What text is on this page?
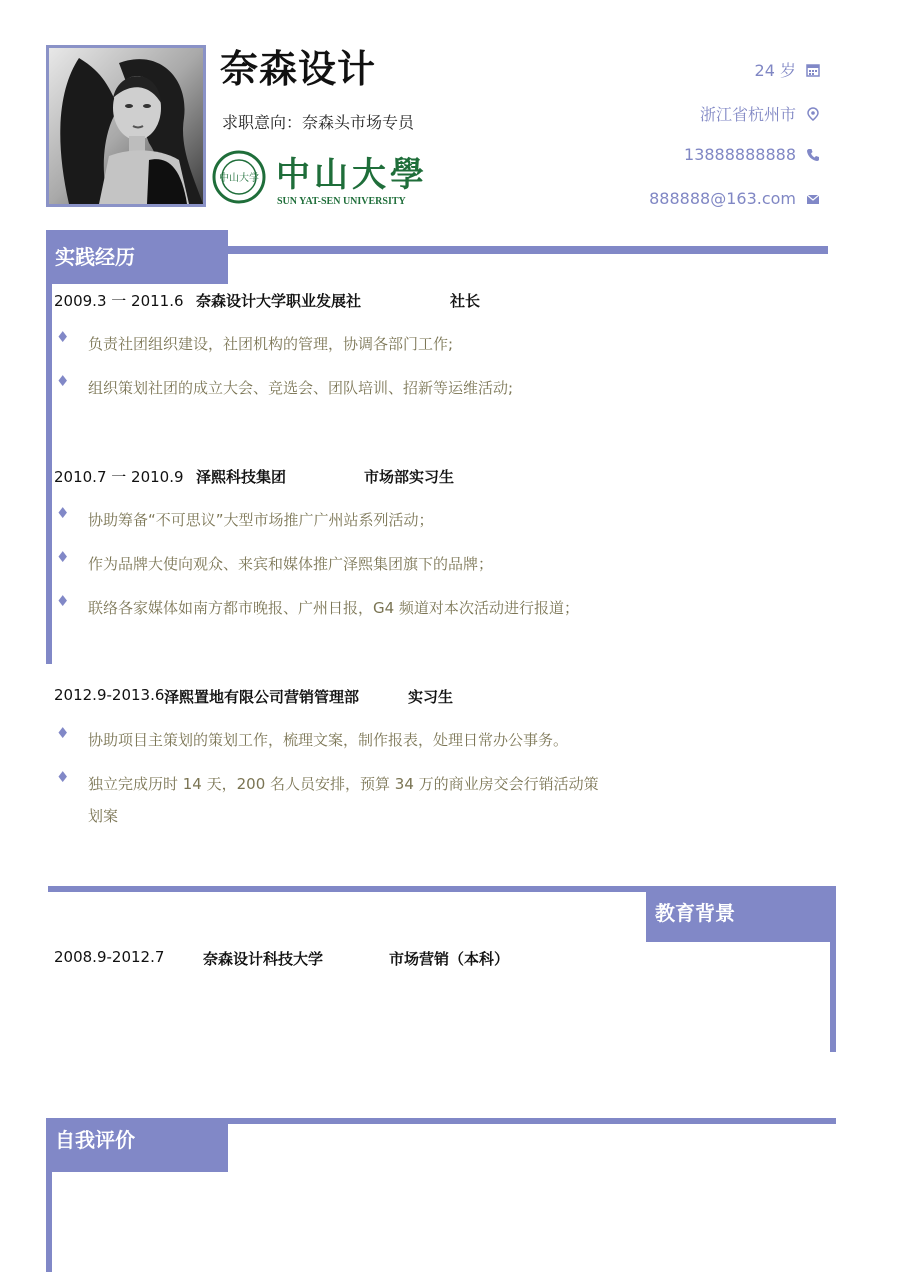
奈森设计
求职意向：奈森头市场专员
中山大学 中山大學
SUN YAT-SEN UNIVERSITY
24 岁
浙江省杭州市
13888888888
888888@163.com
实践经历
2009.3 一 2011.6 奈森设计大学职业发展社	社长
♦	负责社团组织建设，社团机构的管理，协调各部门工作;
♦	组织策划社团的成立大会、竞选会、团队培训、招新等运维活动;
2010.7 一 2010.9 泽熙科技集团	市场部实习生
♦	协助筹备“不可思议”大型市场推广广州站系列活动；
♦	作为品牌大使向观众、来宾和媒体推广泽熙集团旗下的品牌；
♦	联络各家媒体如南方都市晚报、广州日报，G4 频道对本次活动进行报道；
2012.9-2013.6 泽熙置地有限公司营销管理部	实习生
♦	协助项目主策划的策划工作，梳理文案，制作报表，处理日常办公事务。
♦	独立完成历时 14 天，200 名人员安排，预算 34 万的商业房交会行销活动策划案
教育背景
2008.9-2012.7	奈森设计科技大学	市场营销（本科）
自我评价
